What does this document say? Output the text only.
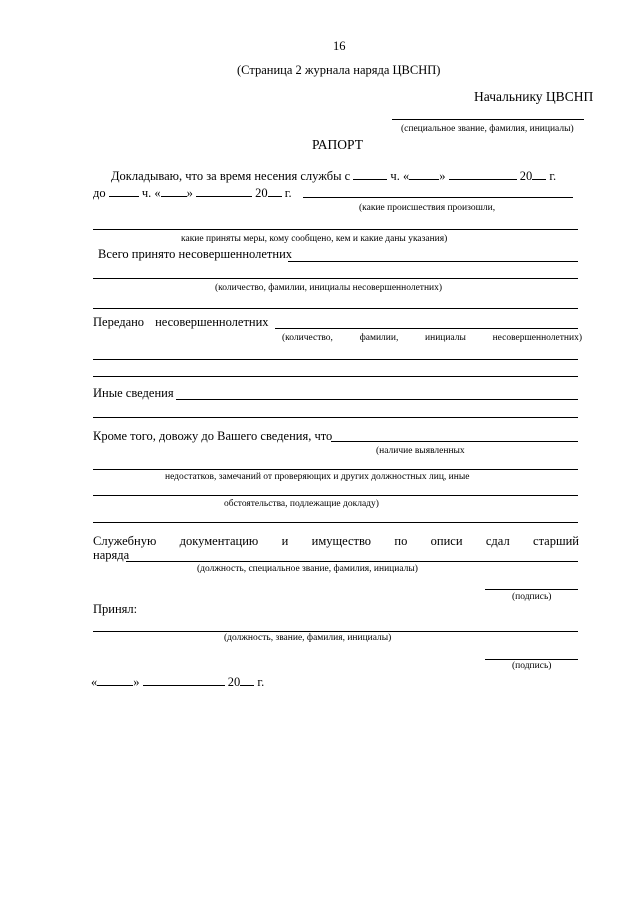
16
(Страница 2 журнала наряда ЦВСНП)
Начальнику ЦВСНП
(специальное звание, фамилия, инициалы)
РАПОРТ
Докладываю, что за время несения службы с	ч. « »	20 г.
до	ч. « »	20 г.
(какие происшествия произошли,
какие приняты меры, кому сообщено, кем и какие даны указания)
Всего принято несовершеннолетних
(количество, фамилии, инициалы несовершеннолетних)
Передано несовершеннолетних
(количество,	фамилии,	инициалы	несовершеннолетних)
Иные сведения
Кроме того, довожу до Вашего сведения, что
(наличие выявленных
недостатков, замечаний от проверяющих и других должностных лиц, иные
обстоятельства, подлежащие докладу)
Служебную документацию и имущество по описи сдал старший
наряда
(должность, специальное звание, фамилия, инициалы)
(подпись)
Принял:
(должность, звание, фамилия, инициалы)
(подпись)
«	»	20 г.
